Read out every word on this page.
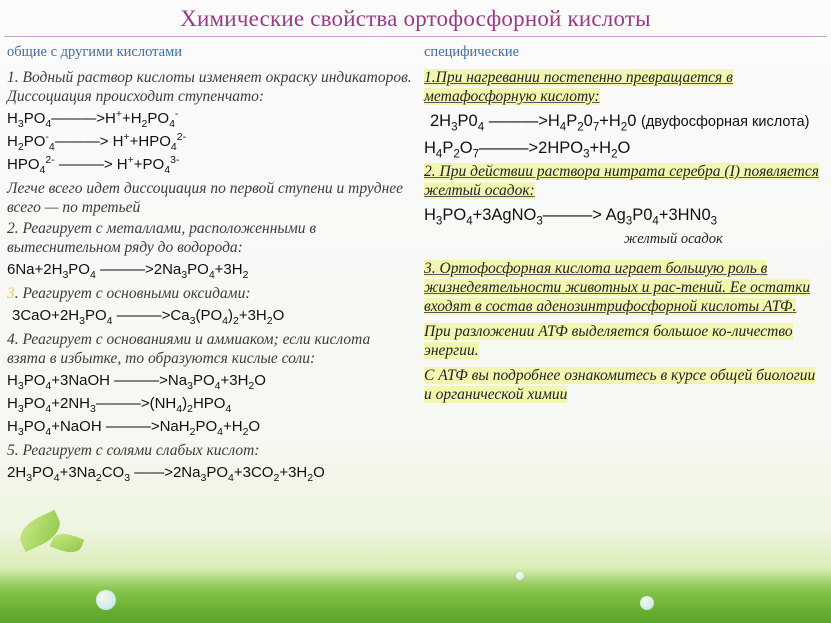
Химические свойства ортофосфорной кислоты
общие с другими кислотами	специфические
1. Водный раствор кислоты изменяет окраску индикаторов. Диссоциация происходит ступенчато:
$H_3PO_4———>H^++H_2PO_4^-$
$H_2PO^-_4———> H^++HPO_4^{2-}$
$HPO_4^{2-}$ ———> $H^++PO_4^{3-}$
Легче всего идет диссоциация по первой ступени и труднее всего — по третьей
2. Реагирует с металлами, расположенными в вытеснительном ряду до водорода:
$6Na+2H_3PO_4$ $———>2Na_3PO_4+3H_2$
3. Реагирует с основными оксидами:
$3CaO+2H_3PO_4$ $———>Ca_3(PO_4)_2+3H_2O$
4. Реагирует с основаниями и аммиаком; если кислота взята в избытке, то образуются кислые соли:
$H_3PO_4+3NaOH$ $———>Na_3PO_4+3H_2O$
$H_3PO_4+2NH_3———>(NH_4)_2HPO_4$
$H_3PO_4+NaOH$ $———>NaH_2PO_4+H_2O$
5. Реагирует с солями слабых кислот:
$2H_3PO_4+3Na_2CO_3$ $——>2Na_3PO_4+3CO_2+3H_2O$
1.При нагревании постепенно превращается в метафосфорную кислоту:
$2H_3P0_4$ $———>H_4P_20_7+H_20$ (двуфосфорная кислота)
$H_4P_2O_7———>2HPO_3+H_2O$
2. При действии раствора нитрата серебра (I) появляется желтый осадок:
$H_3PO_4+3AgNO_3———> Ag_3P0_4+3HN0_3$
желтый осадок
3. Ортофосфорная кислота играет большую роль в жизнедеятельности животных и рас-тений. Ее остатки входят в состав аденозинтрифосфорной кислоты АТФ.
При разложении АТФ выделяется большое ко-личество энергии.
С АТФ вы подробнее ознакомитесь в курсе общей биологии и органической химии
